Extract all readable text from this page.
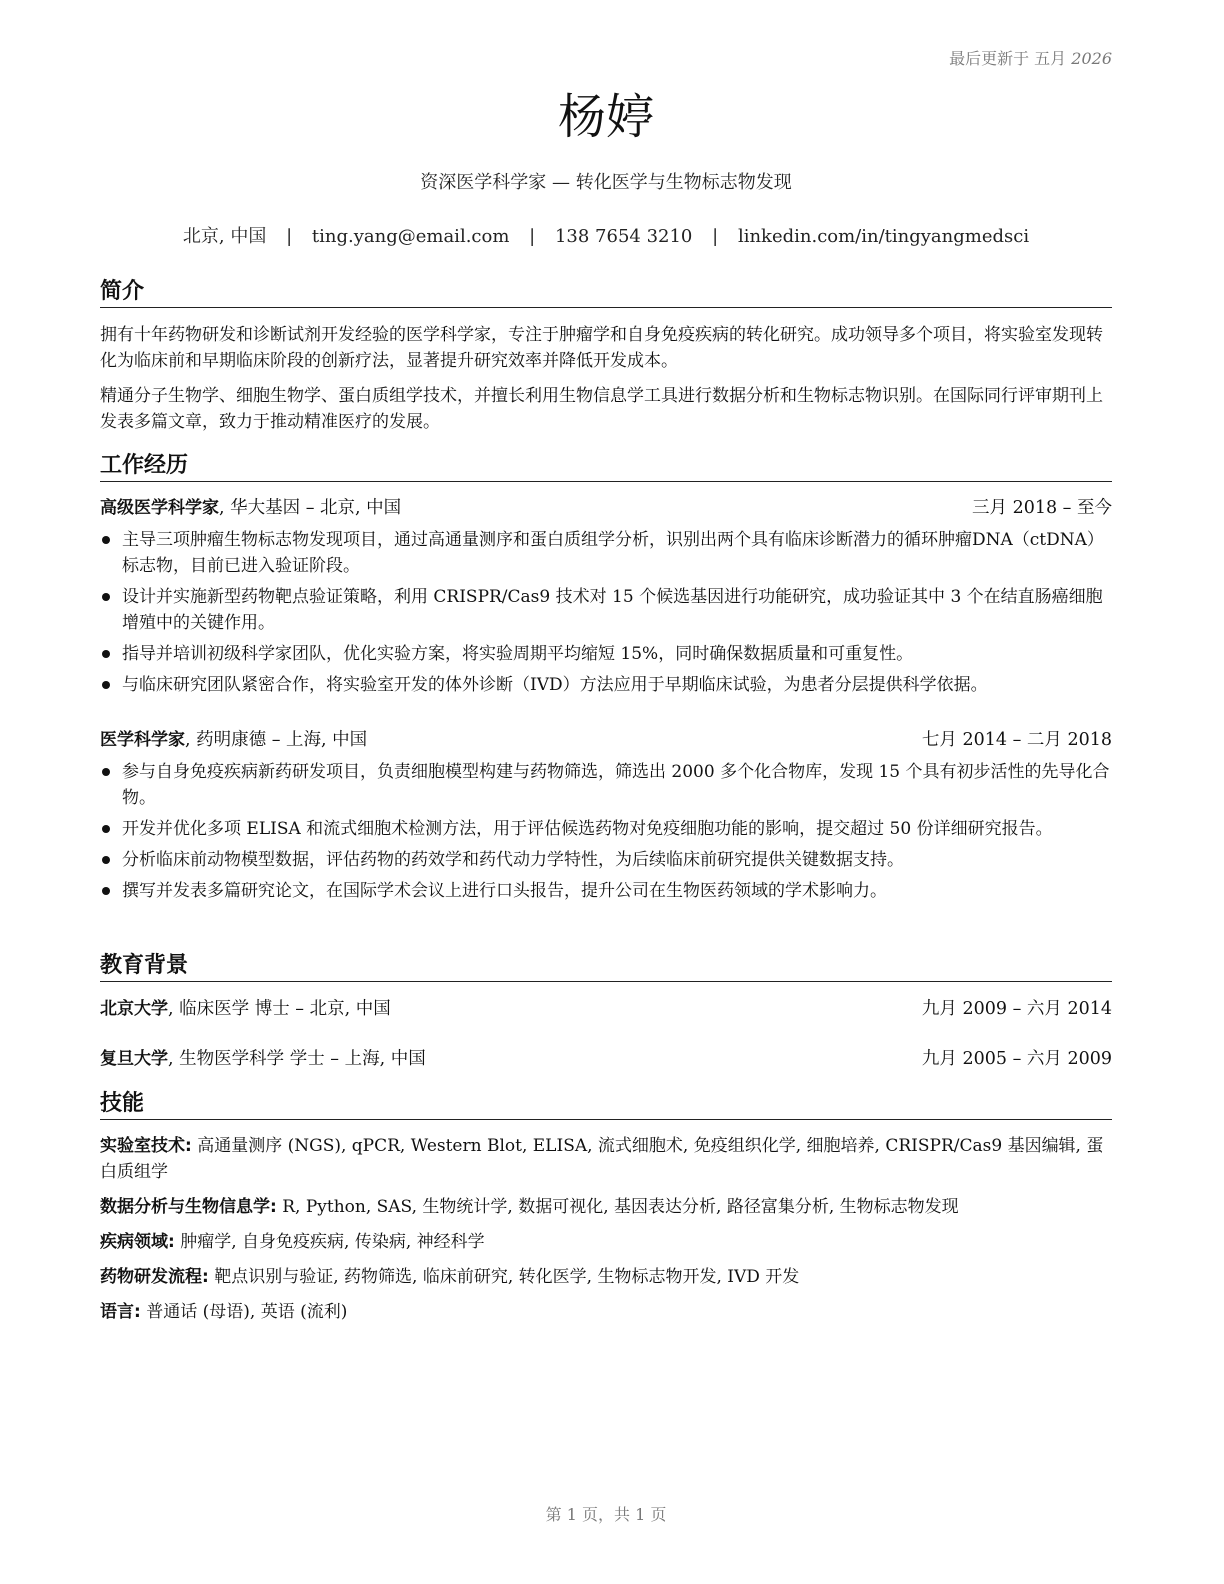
最后更新于 五月 2026
杨婷
资深医学科学家 — 转化医学与生物标志物发现
北京, 中国 | ting.yang@email.com | 138 7654 3210 | linkedin.com/in/tingyangmedsci
简介
拥有十年药物研发和诊断试剂开发经验的医学科学家，专注于肿瘤学和自身免疫疾病的转化研究。成功领导多个项目，将实验室发现转化为临床前和早期临床阶段的创新疗法，显著提升研究效率并降低开发成本。
精通分子生物学、细胞生物学、蛋白质组学技术，并擅长利用生物信息学工具进行数据分析和生物标志物识别。在国际同行评审期刊上发表多篇文章，致力于推动精准医疗的发展。
工作经历
高级医学科学家, 华大基因 – 北京, 中国	三月 2018 – 至今
主导三项肿瘤生物标志物发现项目，通过高通量测序和蛋白质组学分析，识别出两个具有临床诊断潜力的循环肿瘤DNA（ctDNA）标志物，目前已进入验证阶段。
设计并实施新型药物靶点验证策略，利用 CRISPR/Cas9 技术对 15 个候选基因进行功能研究，成功验证其中 3 个在结直肠癌细胞增殖中的关键作用。
指导并培训初级科学家团队，优化实验方案，将实验周期平均缩短 15%，同时确保数据质量和可重复性。
与临床研究团队紧密合作，将实验室开发的体外诊断（IVD）方法应用于早期临床试验，为患者分层提供科学依据。
医学科学家, 药明康德 – 上海, 中国	七月 2014 – 二月 2018
参与自身免疫疾病新药研发项目，负责细胞模型构建与药物筛选，筛选出 2000 多个化合物库，发现 15 个具有初步活性的先导化合物。
开发并优化多项 ELISA 和流式细胞术检测方法，用于评估候选药物对免疫细胞功能的影响，提交超过 50 份详细研究报告。
分析临床前动物模型数据，评估药物的药效学和药代动力学特性，为后续临床前研究提供关键数据支持。
撰写并发表多篇研究论文，在国际学术会议上进行口头报告，提升公司在生物医药领域的学术影响力。
教育背景
北京大学, 临床医学 博士 – 北京, 中国	九月 2009 – 六月 2014
复旦大学, 生物医学科学 学士 – 上海, 中国	九月 2005 – 六月 2009
技能
实验室技术: 高通量测序 (NGS), qPCR, Western Blot, ELISA, 流式细胞术, 免疫组织化学, 细胞培养, CRISPR/Cas9 基因编辑, 蛋白质组学
数据分析与生物信息学: R, Python, SAS, 生物统计学, 数据可视化, 基因表达分析, 路径富集分析, 生物标志物发现
疾病领域: 肿瘤学, 自身免疫疾病, 传染病, 神经科学
药物研发流程: 靶点识别与验证, 药物筛选, 临床前研究, 转化医学, 生物标志物开发, IVD 开发
语言: 普通话 (母语), 英语 (流利)
第 1 页，共 1 页
